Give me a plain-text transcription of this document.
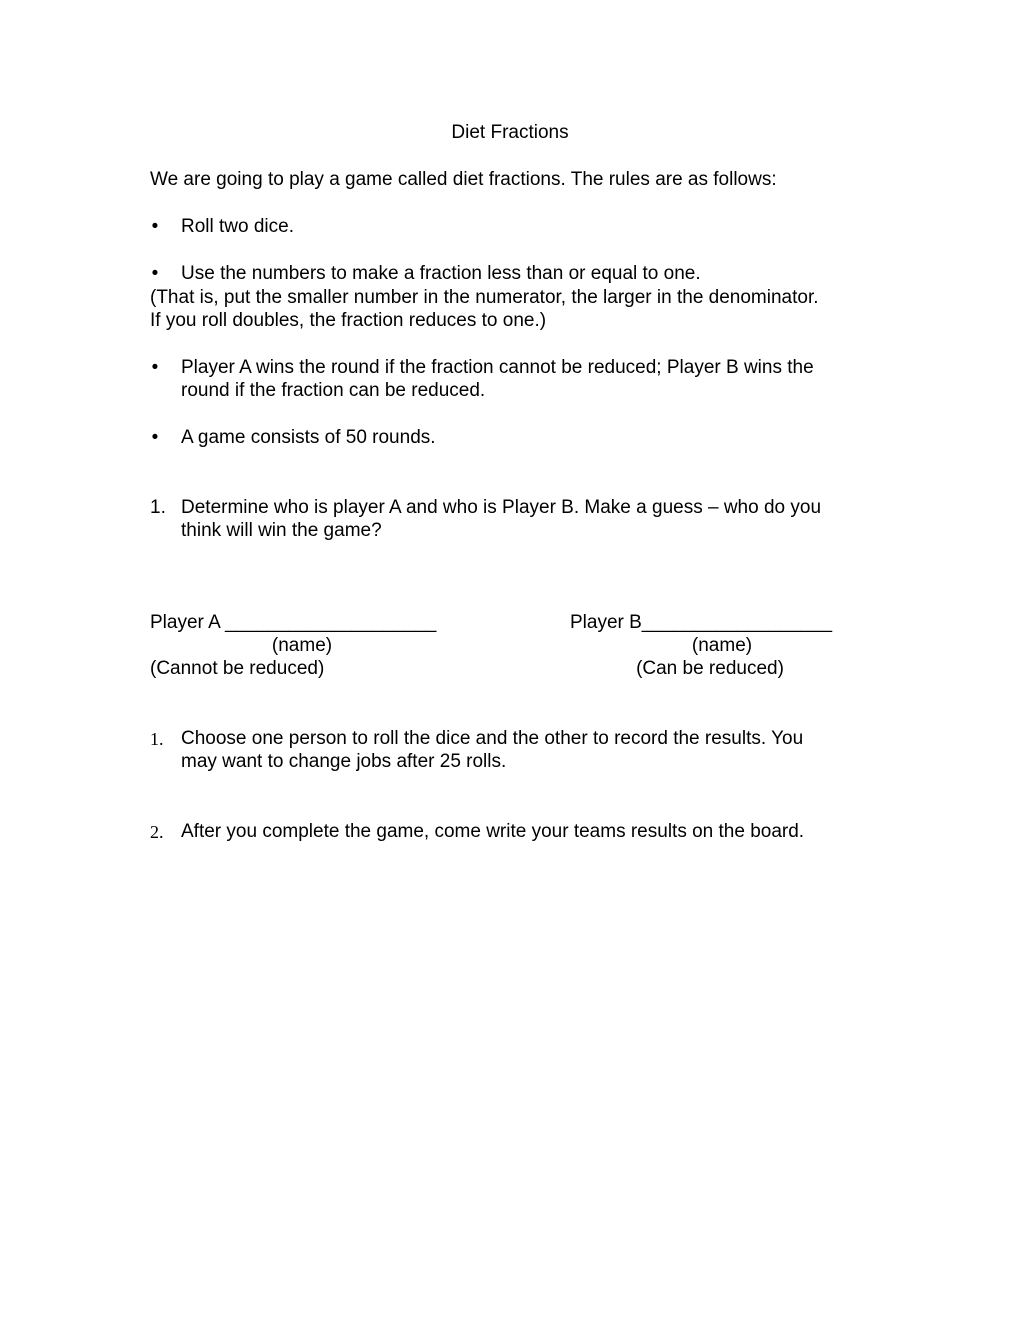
Diet Fractions
We are going to play a game called diet fractions. The rules are as follows:
• Roll two dice.
• Use the numbers to make a fraction less than or equal to one.
(That is, put the smaller number in the numerator, the larger in the denominator.
If you roll doubles, the fraction reduces to one.)
• Player A wins the round if the fraction cannot be reduced; Player B wins the
round if the fraction can be reduced.
• A game consists of 50 rounds.
1. Determine who is player A and who is Player B. Make a guess – who do you
think will win the game?
Player A ____________________
(name)
(Cannot be reduced)
Player B__________________
(name)
(Can be reduced)
1. Choose one person to roll the dice and the other to record the results. You
may want to change jobs after 25 rolls.
2. After you complete the game, come write your teams results on the board.
